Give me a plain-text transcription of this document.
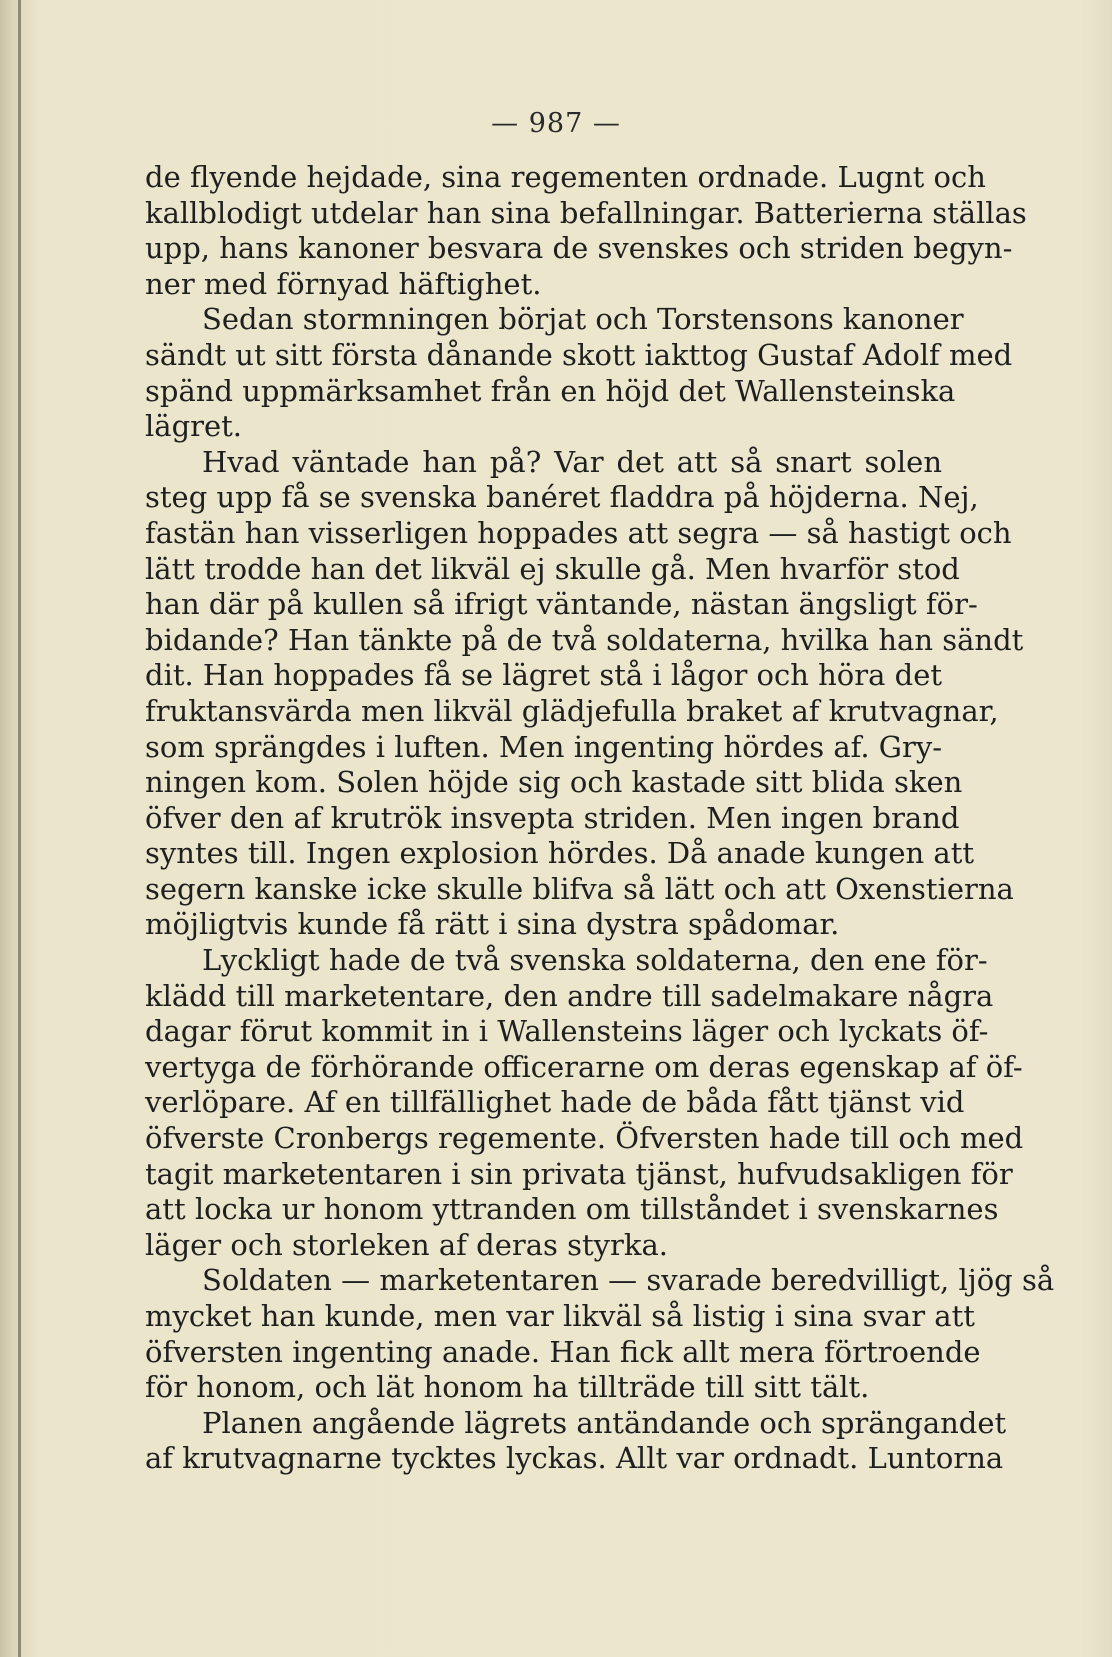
— 987 —
de flyende hejdade, sina regementen ordnade. Lugnt och
kallblodigt utdelar han sina befallningar. Batterierna ställas
upp, hans kanoner besvara de svenskes och striden begyn-
ner med förnyad häftighet.
Sedan stormningen börjat och Torstensons kanoner
sändt ut sitt första dånande skott iakttog Gustaf Adolf med
spänd uppmärksamhet från en höjd det Wallensteinska
lägret.
Hvad väntade han på? Var det att så snart solen
steg upp få se svenska banéret fladdra på höjderna. Nej,
fastän han visserligen hoppades att segra — så hastigt och
lätt trodde han det likväl ej skulle gå. Men hvarför stod
han där på kullen så ifrigt väntande, nästan ängsligt för-
bidande? Han tänkte på de två soldaterna, hvilka han sändt
dit. Han hoppades få se lägret stå i lågor och höra det
fruktansvärda men likväl glädjefulla braket af krutvagnar,
som sprängdes i luften. Men ingenting hördes af. Gry-
ningen kom. Solen höjde sig och kastade sitt blida sken
öfver den af krutrök insvepta striden. Men ingen brand
syntes till. Ingen explosion hördes. Då anade kungen att
segern kanske icke skulle blifva så lätt och att Oxenstierna
möjligtvis kunde få rätt i sina dystra spådomar.
Lyckligt hade de två svenska soldaterna, den ene för-
klädd till marketentare, den andre till sadelmakare några
dagar förut kommit in i Wallensteins läger och lyckats öf-
vertyga de förhörande officerarne om deras egenskap af öf-
verlöpare. Af en tillfällighet hade de båda fått tjänst vid
öfverste Cronbergs regemente. Öfversten hade till och med
tagit marketentaren i sin privata tjänst, hufvudsakligen för
att locka ur honom yttranden om tillståndet i svenskarnes
läger och storleken af deras styrka.
Soldaten — marketentaren — svarade beredvilligt, ljög så
mycket han kunde, men var likväl så listig i sina svar att
öfversten ingenting anade. Han fick allt mera förtroende
för honom, och lät honom ha tillträde till sitt tält.
Planen angående lägrets antändande och sprängandet
af krutvagnarne tycktes lyckas. Allt var ordnadt. Luntorna
